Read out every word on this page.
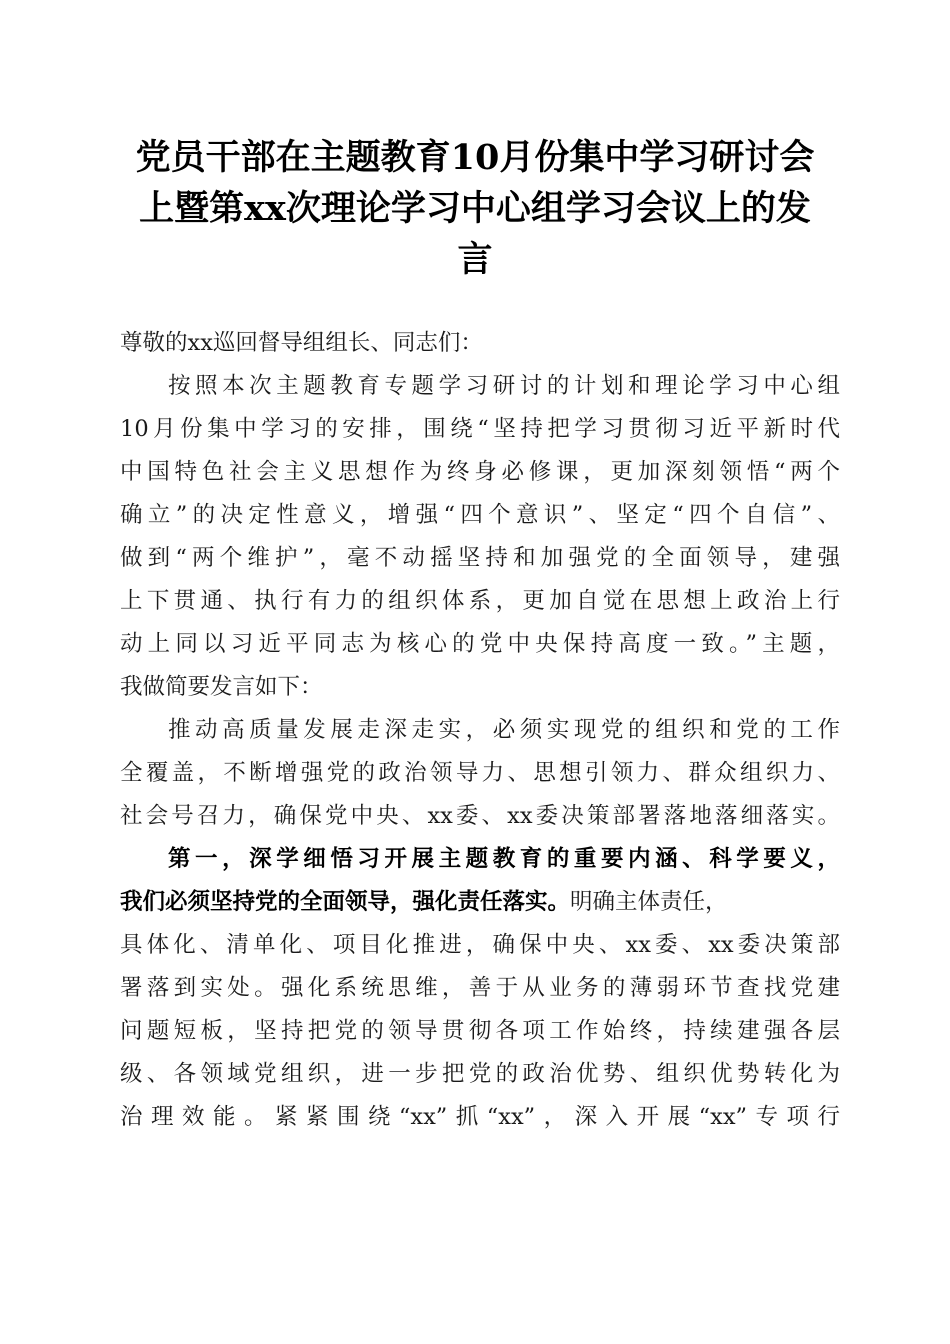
党员干部在主题教育10月份集中学习研讨会
上暨第xx次理论学习中心组学习会议上的发
言
尊敬的xx巡回督导组组长、同志们：
按照本次主题教育专题学习研讨的计划和理论学习中心组
10月份集中学习的安排，围绕“坚持把学习贯彻习近平新时代
中国特色社会主义思想作为终身必修课，更加深刻领悟“两个
确立”的决定性意义，增强“四个意识”、坚定“四个自信”、
做到“两个维护”，毫不动摇坚持和加强党的全面领导，建强
上下贯通、执行有力的组织体系，更加自觉在思想上政治上行
动上同以习近平同志为核心的党中央保持高度一致。”主题，
我做简要发言如下：
推动高质量发展走深走实，必须实现党的组织和党的工作
全覆盖，不断增强党的政治领导力、思想引领力、群众组织力、
社会号召力，确保党中央、xx委、xx委决策部署落地落细落实。
第一，深学细悟习开展主题教育的重要内涵、科学要义，
我们必须坚持党的全面领导，强化责任落实。明确主体责任，
具体化、清单化、项目化推进，确保中央、xx委、xx委决策部
署落到实处。强化系统思维，善于从业务的薄弱环节查找党建
问题短板，坚持把党的领导贯彻各项工作始终，持续建强各层
级、各领域党组织，进一步把党的政治优势、组织优势转化为
治理效能。紧紧围绕“xx”抓“xx”，深入开展“xx”专项行
